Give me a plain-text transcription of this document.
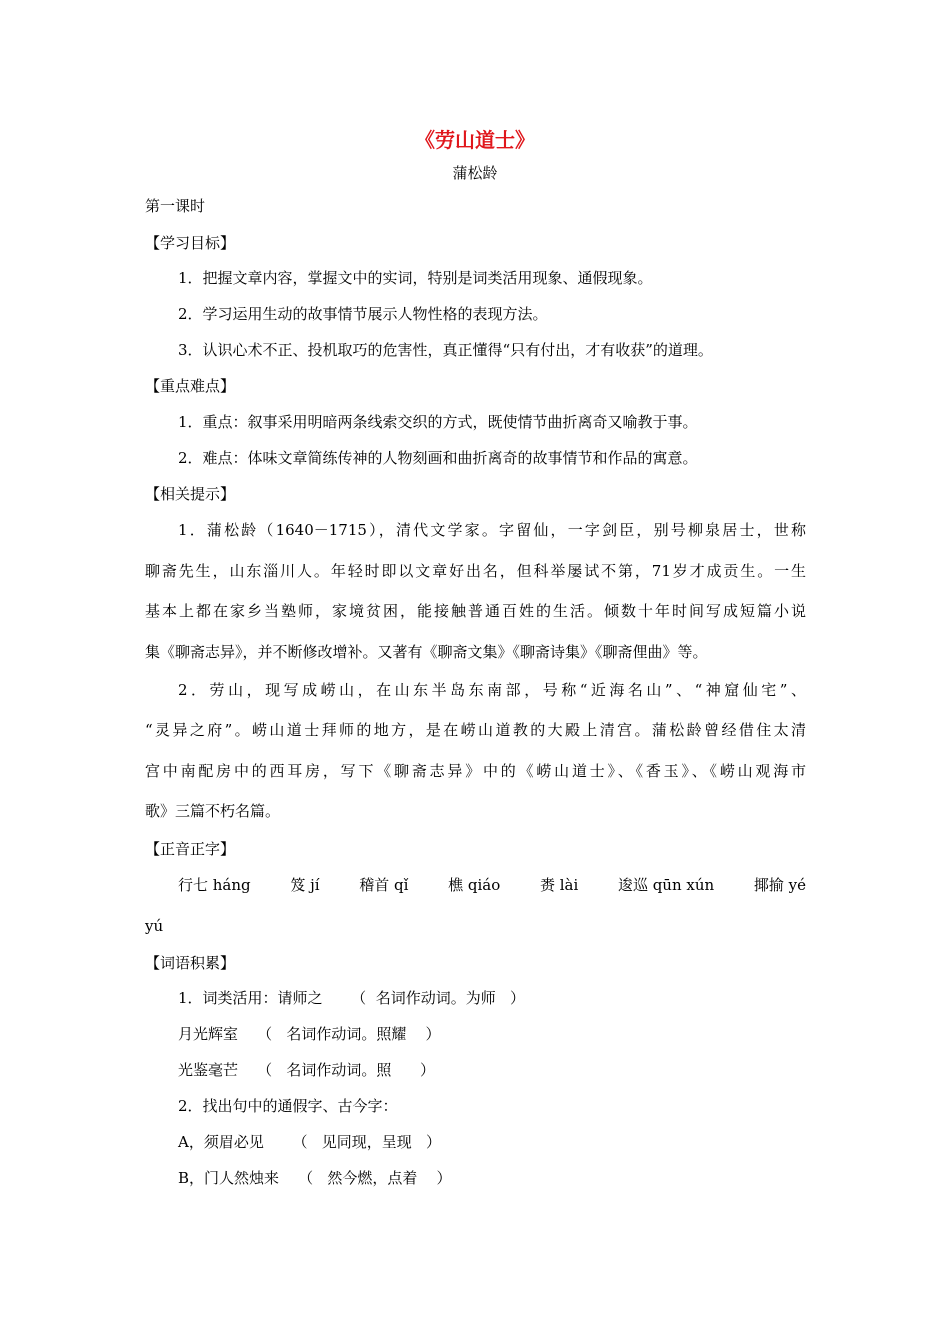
《劳山道士》
蒲松龄
第一课时
【学习目标】
1．把握文章内容，掌握文中的实词，特别是词类活用现象、通假现象。
2．学习运用生动的故事情节展示人物性格的表现方法。
3．认识心术不正、投机取巧的危害性，真正懂得“只有付出，才有收获”的道理。
【重点难点】
1．重点：叙事采用明暗两条线索交织的方式，既使情节曲折离奇又喻教于事。
2．难点：体味文章简练传神的人物刻画和曲折离奇的故事情节和作品的寓意。
【相关提示】
1．蒲松龄（1640－1715），清代文学家。字留仙，一字剑臣，别号柳泉居士，世称
聊斋先生，山东淄川人。年轻时即以文章好出名，但科举屡试不第，71岁才成贡生。一生
基本上都在家乡当塾师，家境贫困，能接触普通百姓的生活。倾数十年时间写成短篇小说
集《聊斋志异》，并不断修改增补。又著有《聊斋文集》《聊斋诗集》《聊斋俚曲》等。
2．劳山，现写成崂山，在山东半岛东南部，号称“近海名山”、“神窟仙宅”、
“灵异之府”。崂山道士拜师的地方，是在崂山道教的大殿上清宫。蒲松龄曾经借住太清
宫中南配房中的西耳房，写下《聊斋志异》中的《崂山道士》、《香玉》、《崂山观海市
歌》三篇不朽名篇。
【正音正字】
行七 háng	笈 jí	稽首 qǐ	樵 qiáo	赉 lài	逡巡 qūn xún	揶揄 yé
yú
【词语积累】
1．词类活用：请师之      （  名词作动词。为师   ）
月光辉室    （   名词作动词。照耀    ）
光鉴毫芒    （   名词作动词。照      ）
2．找出句中的通假字、古今字：
A，须眉必见      （   见同现，呈现   ）
B，门人然烛来    （   然今燃，点着    ）
